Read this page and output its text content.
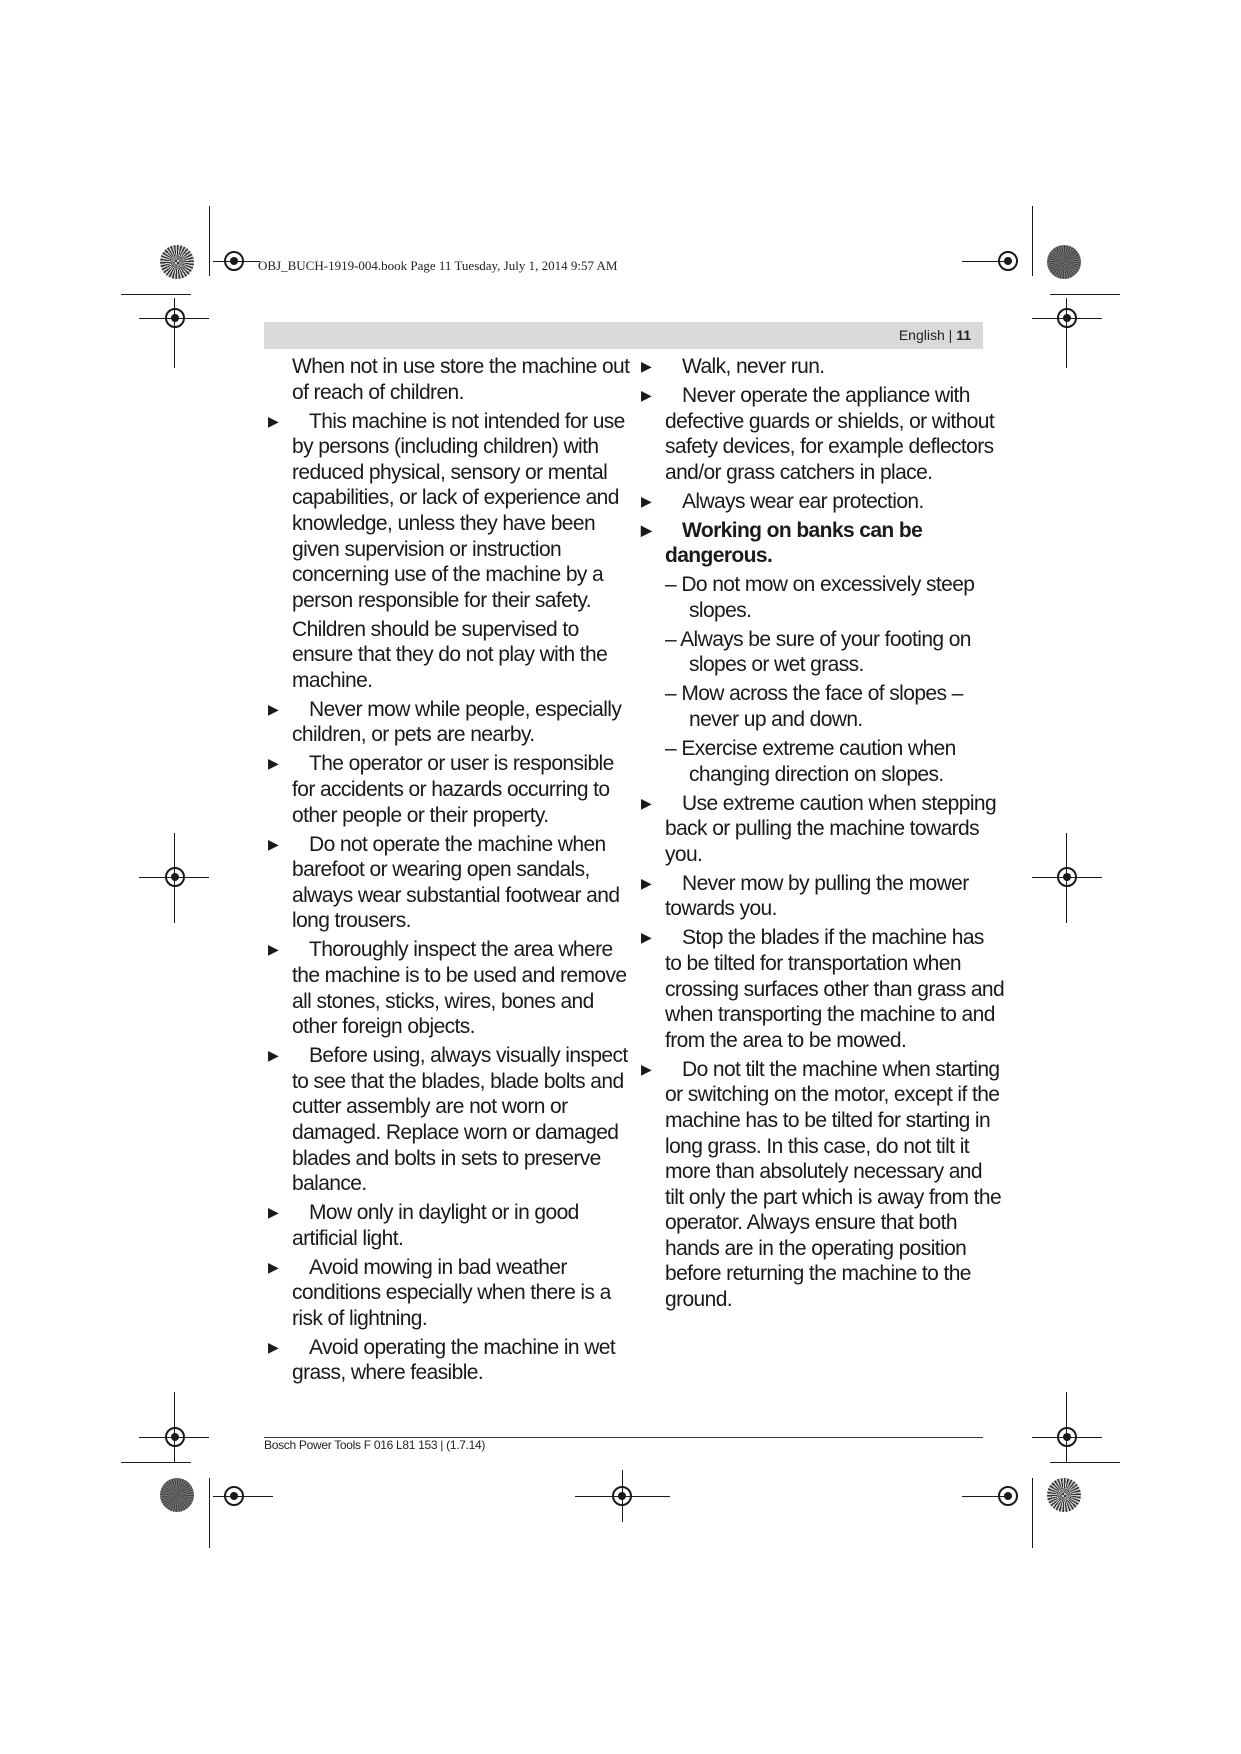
OBJ_BUCH-1919-004.book Page 11 Tuesday, July 1, 2014 9:57 AM
English | 11

When not in use store the machine out of reach of children.

▶ This machine is not intended for use by persons (including children) with reduced physical, sensory or mental capabilities, or lack of experience and knowledge, unless they have been given supervision or instruction concerning use of the machine by a person responsible for their safety.

Children should be supervised to ensure that they do not play with the machine.

▶ Never mow while people, especially children, or pets are nearby.

▶ The operator or user is responsible for accidents or hazards occurring to other people or their property.

▶ Do not operate the machine when barefoot or wearing open sandals, always wear substantial footwear and long trousers.

▶ Thoroughly inspect the area where the machine is to be used and remove all stones, sticks, wires, bones and other foreign objects.

▶ Before using, always visually inspect to see that the blades, blade bolts and cutter assembly are not worn or damaged. Replace worn or damaged blades and bolts in sets to preserve balance.

▶ Mow only in daylight or in good artificial light.

▶ Avoid mowing in bad weather conditions especially when there is a risk of lightning.

▶ Avoid operating the machine in wet grass, where feasible.

▶ Walk, never run.

▶ Never operate the appliance with defective guards or shields, or without safety devices, for example deflectors and/or grass catchers in place.

▶ Always wear ear protection.

▶ Working on banks can be dangerous.

– Do not mow on excessively steep slopes.

– Always be sure of your footing on slopes or wet grass.

– Mow across the face of slopes – never up and down.

– Exercise extreme caution when changing direction on slopes.

▶ Use extreme caution when stepping back or pulling the machine towards you.

▶ Never mow by pulling the mower towards you.

▶ Stop the blades if the machine has to be tilted for transportation when crossing surfaces other than grass and when transporting the machine to and from the area to be mowed.

▶ Do not tilt the machine when starting or switching on the motor, except if the machine has to be tilted for starting in long grass. In this case, do not tilt it more than absolutely necessary and tilt only the part which is away from the operator. Always ensure that both hands are in the operating position before returning the machine to the ground.

Bosch Power Tools F 016 L81 153 | (1.7.14)
